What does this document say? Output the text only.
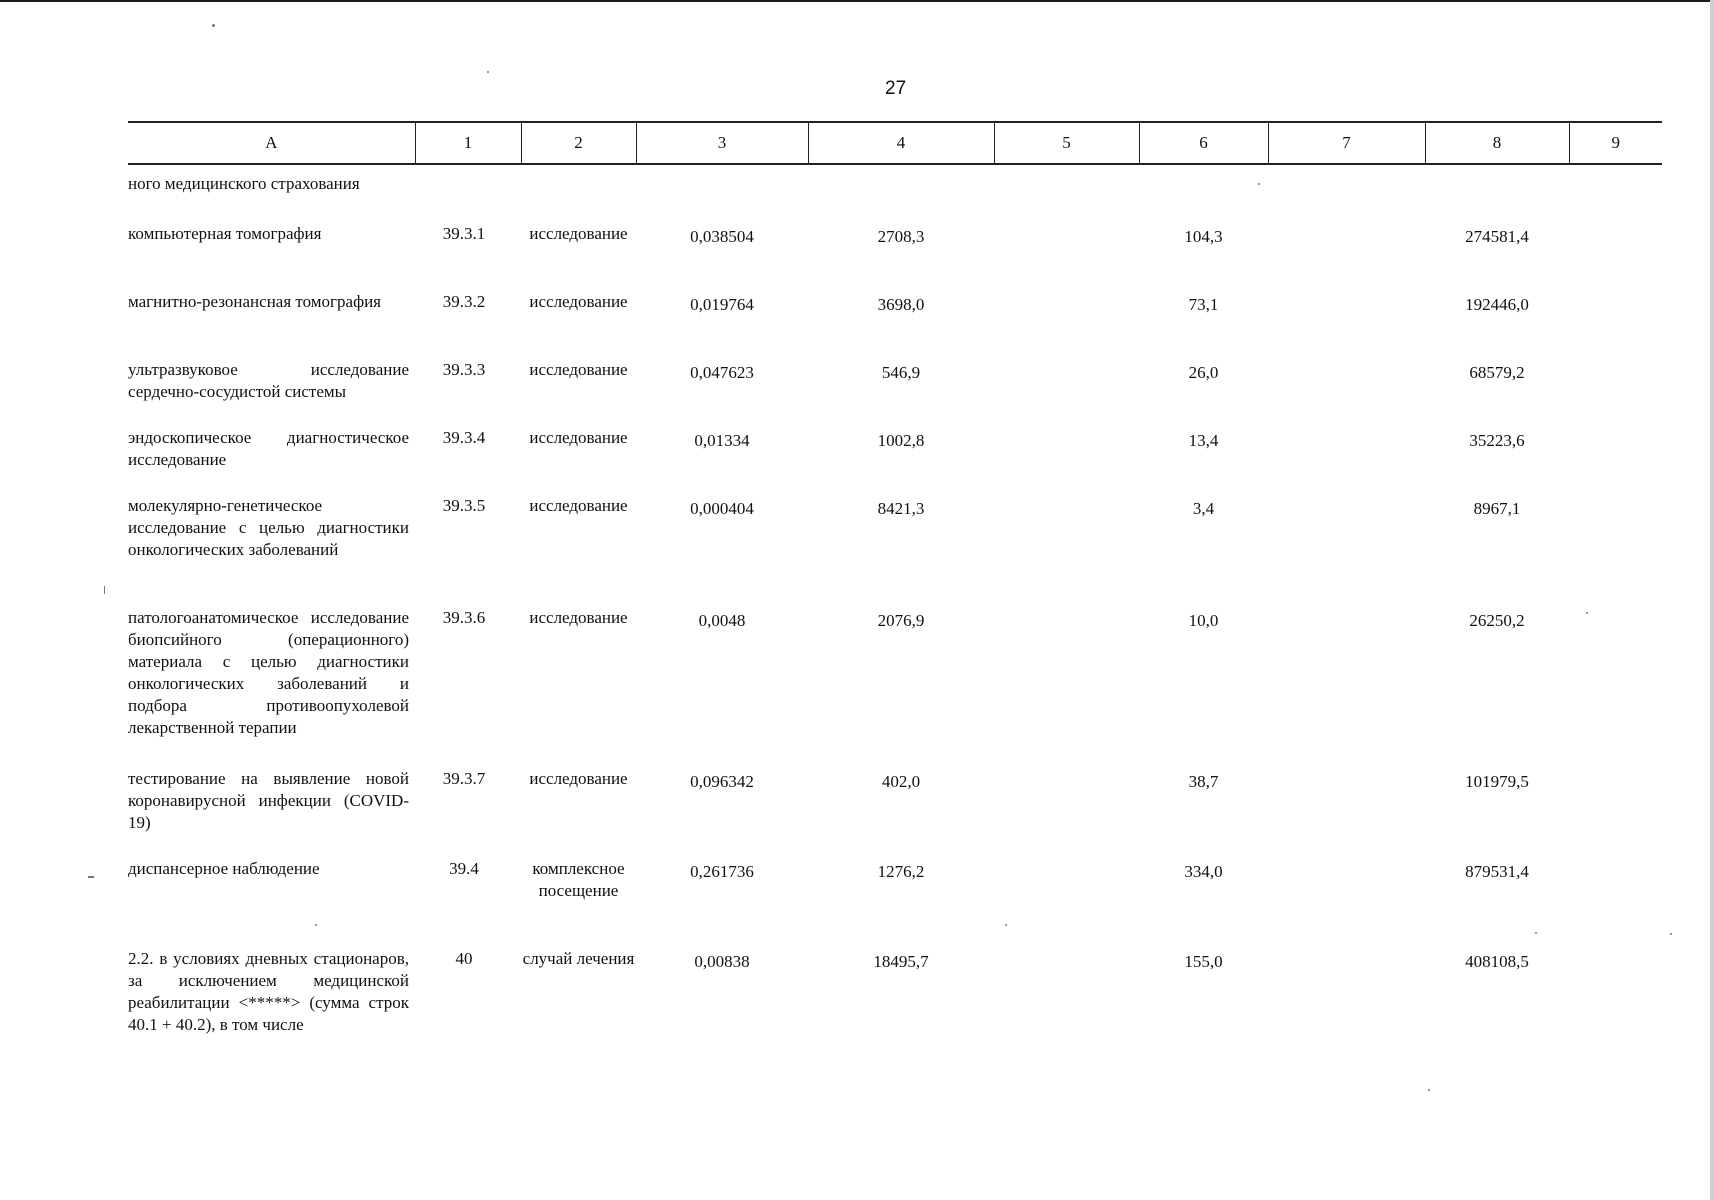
27
А	1	2	3	4	5	6	7	8	9
ного медицинского страхования									
компьютерная томография	39.3.1	исследование	0,038504	2708,3		104,3		274581,4	
магнитно-резонансная томография	39.3.2	исследование	0,019764	3698,0		73,1		192446,0	
ультразвуковое исследование сердечно-сосудистой системы	39.3.3	исследование	0,047623	546,9		26,0		68579,2	
эндоскопическое диагностическое исследование	39.3.4	исследование	0,01334	1002,8		13,4		35223,6	
молекулярно-генетическое исследование с целью диагностики онкологических заболеваний	39.3.5	исследование	0,000404	8421,3		3,4		8967,1	
патологоанатомическое исследование биопсийного (операционного) материала с целью диагностики онкологических заболеваний и подбора противоопухолевой лекарственной терапии	39.3.6	исследование	0,0048	2076,9		10,0		26250,2	
тестирование на выявление новой коронавирусной инфекции (COVID-19)	39.3.7	исследование	0,096342	402,0		38,7		101979,5	
диспансерное наблюдение	39.4	комплексное посещение	0,261736	1276,2		334,0		879531,4	
2.2. в условиях дневных стационаров, за исключением медицинской реабилитации <*****> (сумма строк 40.1 + 40.2), в том числе	40	случай лечения	0,00838	18495,7		155,0		408108,5	
